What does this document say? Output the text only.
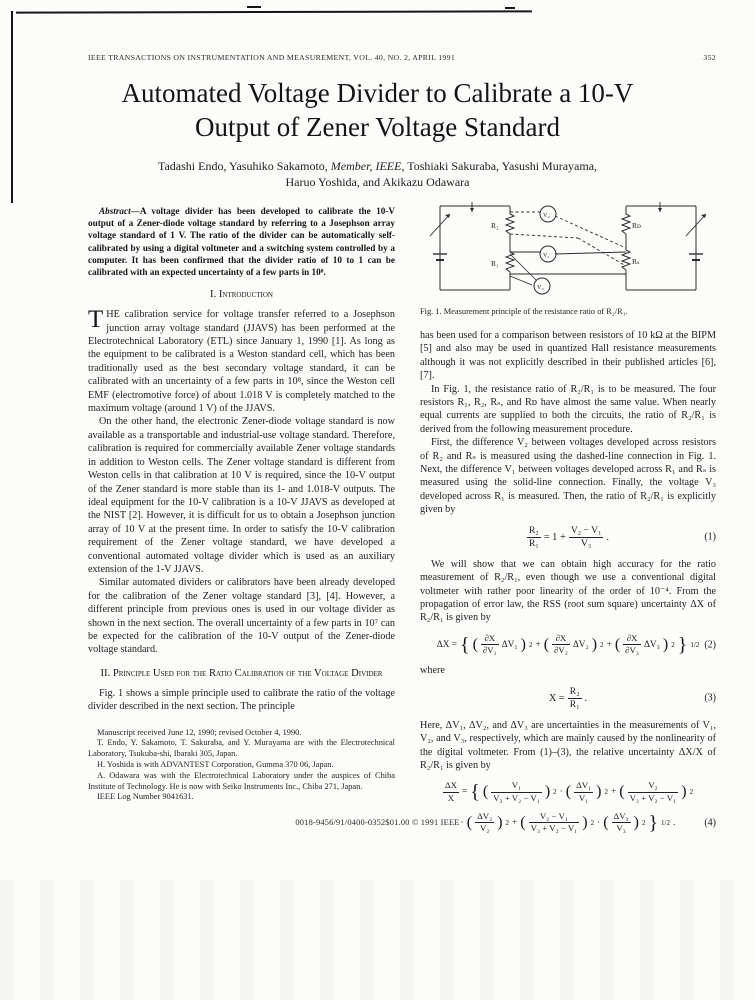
IEEE TRANSACTIONS ON INSTRUMENTATION AND MEASUREMENT, VOL. 40, NO. 2, APRIL 1991	352
Automated Voltage Divider to Calibrate a 10-V
Output of Zener Voltage Standard
Tadashi Endo, Yasuhiko Sakamoto, Member, IEEE, Toshiaki Sakuraba, Yasushi Murayama,
Haruo Yoshida, and Akikazu Odawara

Abstract—A voltage divider has been developed to calibrate the 10-V output of a Zener-diode voltage standard by referring to a Josephson array voltage standard of 1 V. The ratio of the divider can be automatically self-calibrated by using a digital voltmeter and a switching system controlled by a computer. It has been confirmed that the divider ratio of 10 to 1 can be calibrated with an expected uncertainty of a few parts in 10⁸.

I. Introduction

THE calibration service for voltage transfer referred to a Josephson junction array voltage standard (JJAVS) has been performed at the Electrotechnical Laboratory (ETL) since January 1, 1990 [1]. As long as the equipment to be calibrated is a Weston standard cell, which has been traditionally used as the best secondary voltage standard, it can be calibrated with an uncertainty of a few parts in 10⁸, since the Weston cell EMF (electromotive force) of about 1.018 V is completely matched to the maximum voltage (around 1 V) of the JJAVS.

On the other hand, the electronic Zener-diode voltage standard is now available as a transportable and industrial-use voltage standard. Therefore, calibration is required for commercially available Zener voltage standards in addition to Weston cells. The Zener voltage standard is different from Weston cells in that calibration at 10 V is required, since the 10-V output of the Zener standard is more stable than its 1- and 1.018-V outputs. The ideal equipment for the 10-V calibration is a 10-V JJAVS as developed at the NIST [2]. However, it is difficult for us to obtain a Josephson junction array of 10 V at the present time. In order to satisfy the 10-V calibration requirement of the Zener voltage standard, we have developed a conventional automated voltage divider which is used as an auxiliary extension of the 1-V JJAVS.

Similar automated dividers or calibrators have been already developed for the calibration of the Zener voltage standard [3], [4]. However, a different principle from previous ones is used in our voltage divider as shown in the next section. The overall uncertainty of a few parts in 10⁷ can be expected for the calibration of the 10-V output of the Zener-diode voltage standard.

II. Principle Used for the Ratio Calibration of the Voltage Divider

Fig. 1 shows a simple principle used to calibrate the ratio of the voltage divider described in the next section. The principle

Manuscript received June 12, 1990; revised October 4, 1990.

T. Endo, Y. Sakamoto, T. Sakuraba, and Y. Murayama are with the Electrotechnical Laboratory, Tsukuba-shi, Ibaraki 305, Japan.

H. Yoshida is with ADVANTEST Corporation, Gumma 370 06, Japan.

A. Odawara was with the Electrotechnical Laboratory under the auspices of Chiba Institute of Technology. He is now with Seiko Instruments Inc., Chiba 271, Japan.

IEEE Log Number 9041631.

R₂
R₁
Rᴅ
Rₛ
V₂
V₁
V₃
Fig. 1. Measurement principle of the resistance ratio of R₂/R₁.

has been used for a comparison between resistors of 10 kΩ at the BIPM [5] and also may be used in quantized Hall resistance measurements although it was not explicitly described in their published articles [6], [7].

In Fig. 1, the resistance ratio of R₂/R₁ is to be measured. The four resistors R₁, R₂, Rₛ, and Rᴅ have almost the same value. When nearly equal currents are supplied to both the circuits, the ratio of R₂/R₁ is derived from the following measurement procedure.

First, the difference V₂ between voltages developed across resistors of R₂ and Rₛ is measured using the dashed-line connection in Fig. 1. Next, the difference V₁ between voltages developed across R₁ and Rₛ is measured using the solid-line connection. Finally, the voltage V₃ developed across R₁ is measured. Then, the ratio of R₂/R₁ is explicitly given by

$\frac{\text{R₂}}{\text{R₁}} = 1 + \frac{\text{V₂ − V₁}}{\text{V₃}}$ .	(1)

We will show that we can obtain high accuracy for the ratio measurement of R₂/R₁, even though we use a conventional digital voltmeter with rather poor linearity of the order of 10⁻⁴. From the propagation of error law, the RSS (root sum square) uncertainty ΔX of R₂/R₁ is given by

ΔX = { ( $\frac{\partial X}{\text{∂V₁}} \Delta V_1$ ) 2 + ( $\frac{\partial X}{\text{∂V₂}} \Delta V_2$ ) 2 + ( $\frac{\partial X}{\text{∂V₃}} \Delta V_3$ ) 2 } 1/2 (2)

where

$X = \frac{\text{R₂}}{\text{R₁}}$ .	(3)

Here, ΔV₁, ΔV₂, and ΔV₃ are uncertainties in the measurements of V₁, V₂, and V₃, respectively, which are mainly caused by the nonlinearity of the digital voltmeter. From (1)–(3), the relative uncertainty ΔX/X of R₂/R₁ is given by

$\frac{\Delta X}{X}$ = { ( $\frac{\text{V₁}}{\text{V₃ + V₂ − V₁}}$ ) 2 · ( $\frac{\text{ΔV₁}}{\text{V₁}}$ ) 2 + ( $\frac{\text{V₂}}{\text{V₃ + V₂ − V₁}}$ ) 2
· ( $\frac{\text{ΔV₂}}{\text{V₂}}$ ) 2 + ( $\frac{\text{V₂ − V₁}}{\text{V₃ + V₂ − V₁}}$ ) 2 · ( $\frac{\text{ΔV₃}}{\text{V₃}}$ ) 2 } 1/2 .	(4)
0018-9456/91/0400-0352$01.00 © 1991 IEEE
